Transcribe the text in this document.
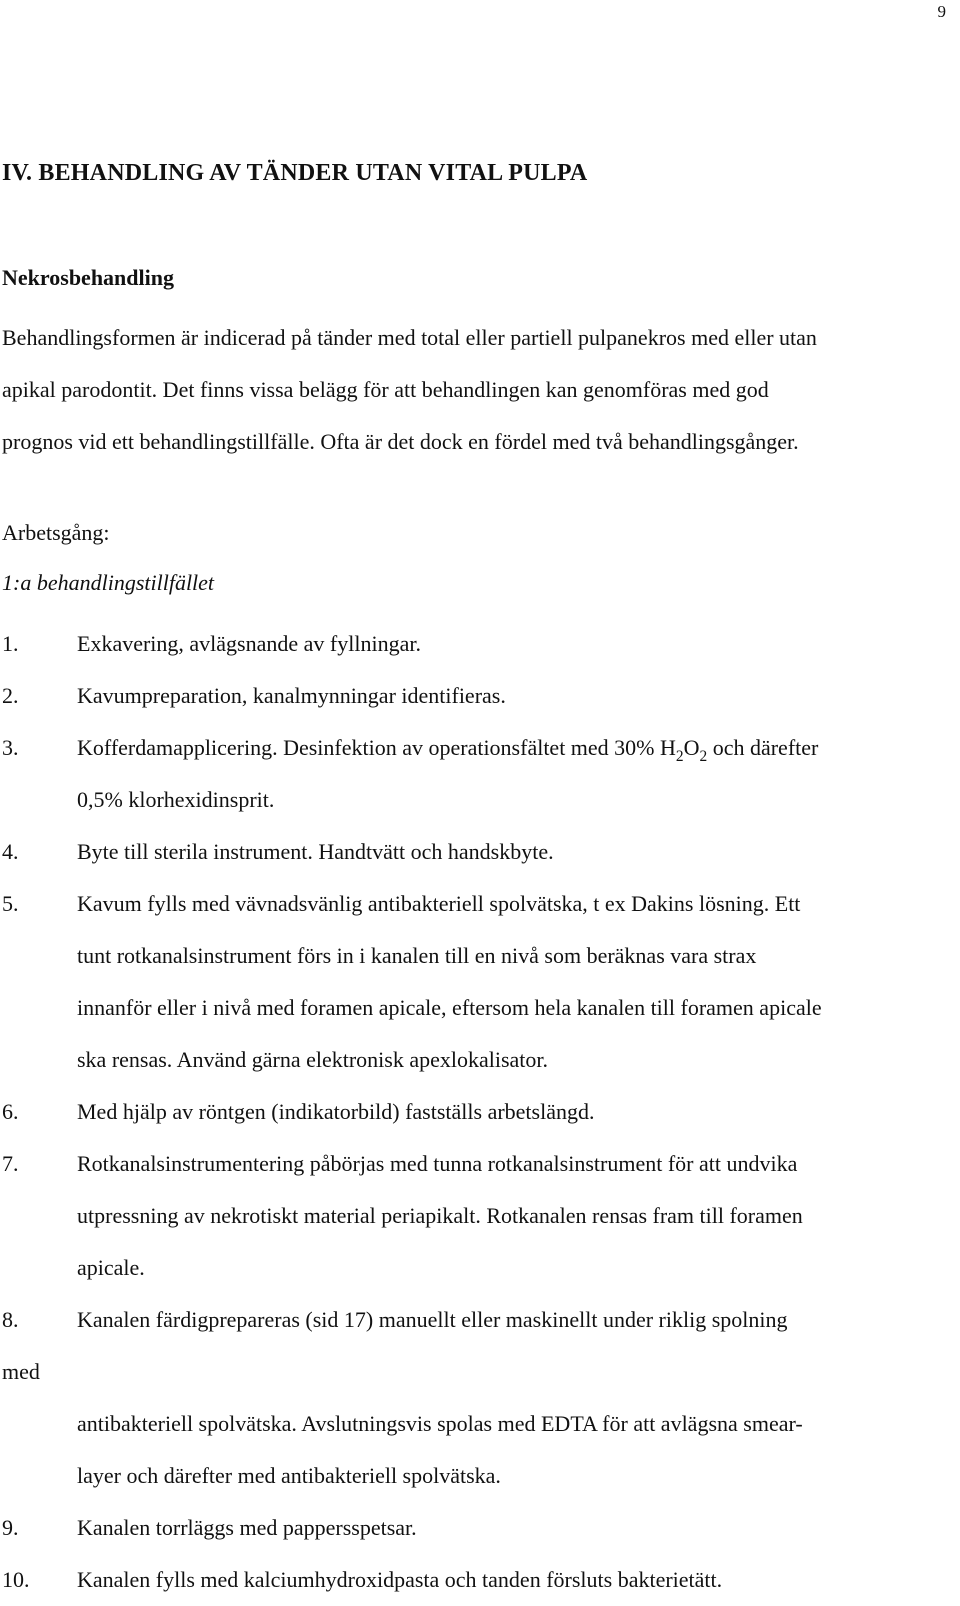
9
IV. BEHANDLING AV TÄNDER UTAN VITAL PULPA
Nekrosbehandling
Behandlingsformen är indicerad på tänder med total eller partiell pulpanekros med eller utan
apikal parodontit. Det finns vissa belägg för att behandlingen kan genomföras med god
prognos vid ett behandlingstillfälle. Ofta är det dock en fördel med två behandlingsgånger.
Arbetsgång:
1:a behandlingstillfället
1.	Exkavering, avlägsnande av fyllningar.
2.	Kavumpreparation, kanalmynningar identifieras.
3.	Kofferdamapplicering. Desinfektion av operationsfältet med 30% $H_2O_2$ och därefter
0,5% klorhexidinsprit.
4.	Byte till sterila instrument. Handtvätt och handskbyte.
5.	Kavum fylls med vävnadsvänlig antibakteriell spolvätska, t ex Dakins lösning. Ett
tunt rotkanalsinstrument förs in i kanalen till en nivå som beräknas vara strax
innanför eller i nivå med foramen apicale, eftersom hela kanalen till foramen apicale
ska rensas. Använd gärna elektronisk apexlokalisator.
6.	Med hjälp av röntgen (indikatorbild) fastställs arbetslängd.
7.	Rotkanalsinstrumentering påbörjas med tunna rotkanalsinstrument för att undvika
utpressning av nekrotiskt material periapikalt. Rotkanalen rensas fram till foramen
apicale.
8.	Kanalen färdigprepareras (sid 17) manuellt eller maskinellt under riklig spolning
med
antibakteriell spolvätska. Avslutningsvis spolas med EDTA för att avlägsna smear-
layer och därefter med antibakteriell spolvätska.
9.	Kanalen torrläggs med pappersspetsar.
10. Kanalen fylls med kalciumhydroxidpasta och tanden försluts bakterietätt.
